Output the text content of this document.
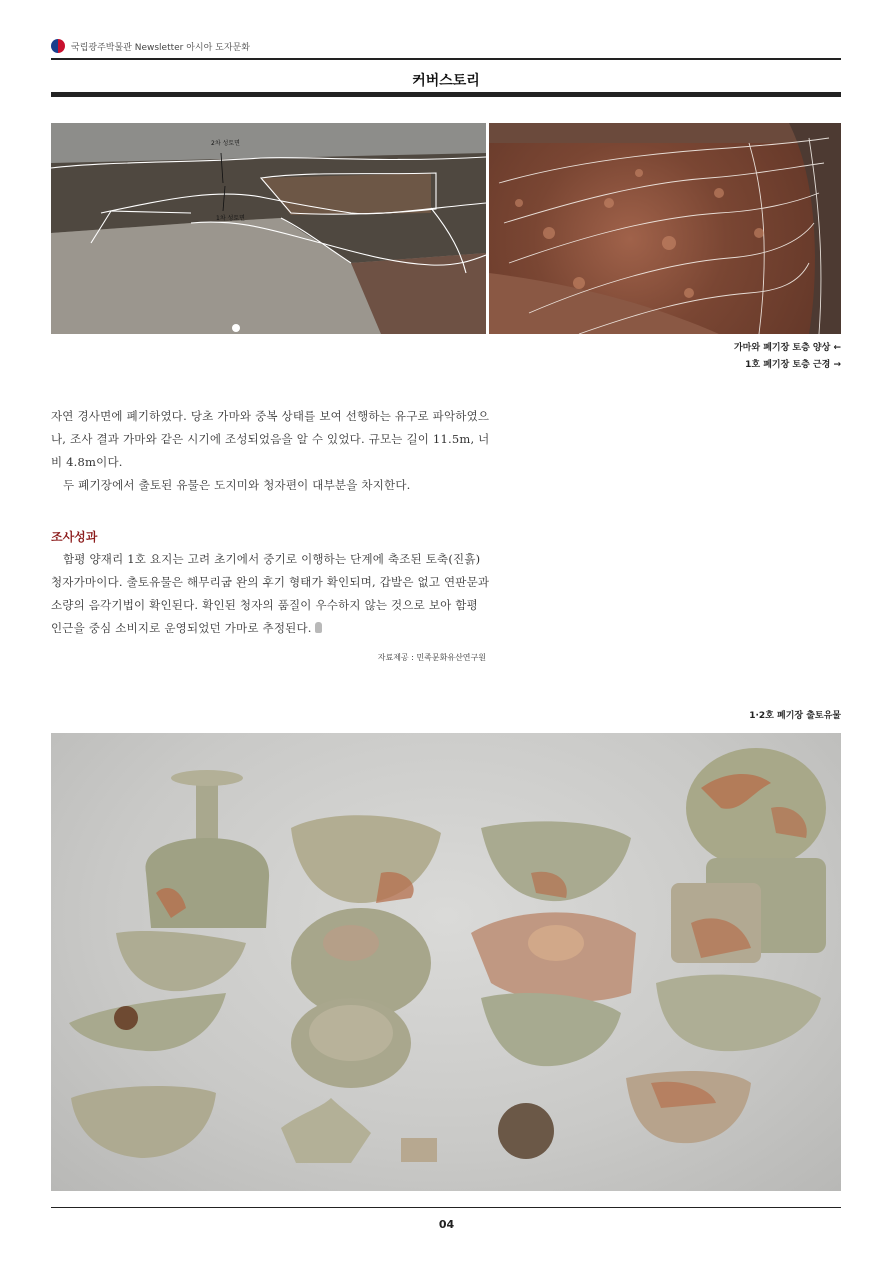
국립광주박물관 Newsletter 아시아 도자문화
커버스토리
2차 성토면
1차 성토면
가마와 폐기장 토층 양상 ←
1호 폐기장 토층 근경 →

자연 경사면에 폐기하였다. 당초 가마와 중복 상태를 보여 선행하는 유구로 파악하였으나, 조사 결과 가마와 같은 시기에 조성되었음을 알 수 있었다. 규모는 길이 11.5m, 너비 4.8m이다.

두 폐기장에서 출토된 유물은 도지미와 청자편이 대부분을 차지한다.

조사성과

함평 양재리 1호 요지는 고려 초기에서 중기로 이행하는 단계에 축조된 토축(진흙) 청자가마이다. 출토유물은 해무리굽 완의 후기 형태가 확인되며, 갑발은 없고 연판문과 소량의 음각기법이 확인된다. 확인된 청자의 품질이 우수하지 않는 것으로 보아 함평 인근을 중심 소비지로 운영되었던 가마로 추정된다.

자료제공 : 민족문화유산연구원
1·2호 폐기장 출토유물
04
